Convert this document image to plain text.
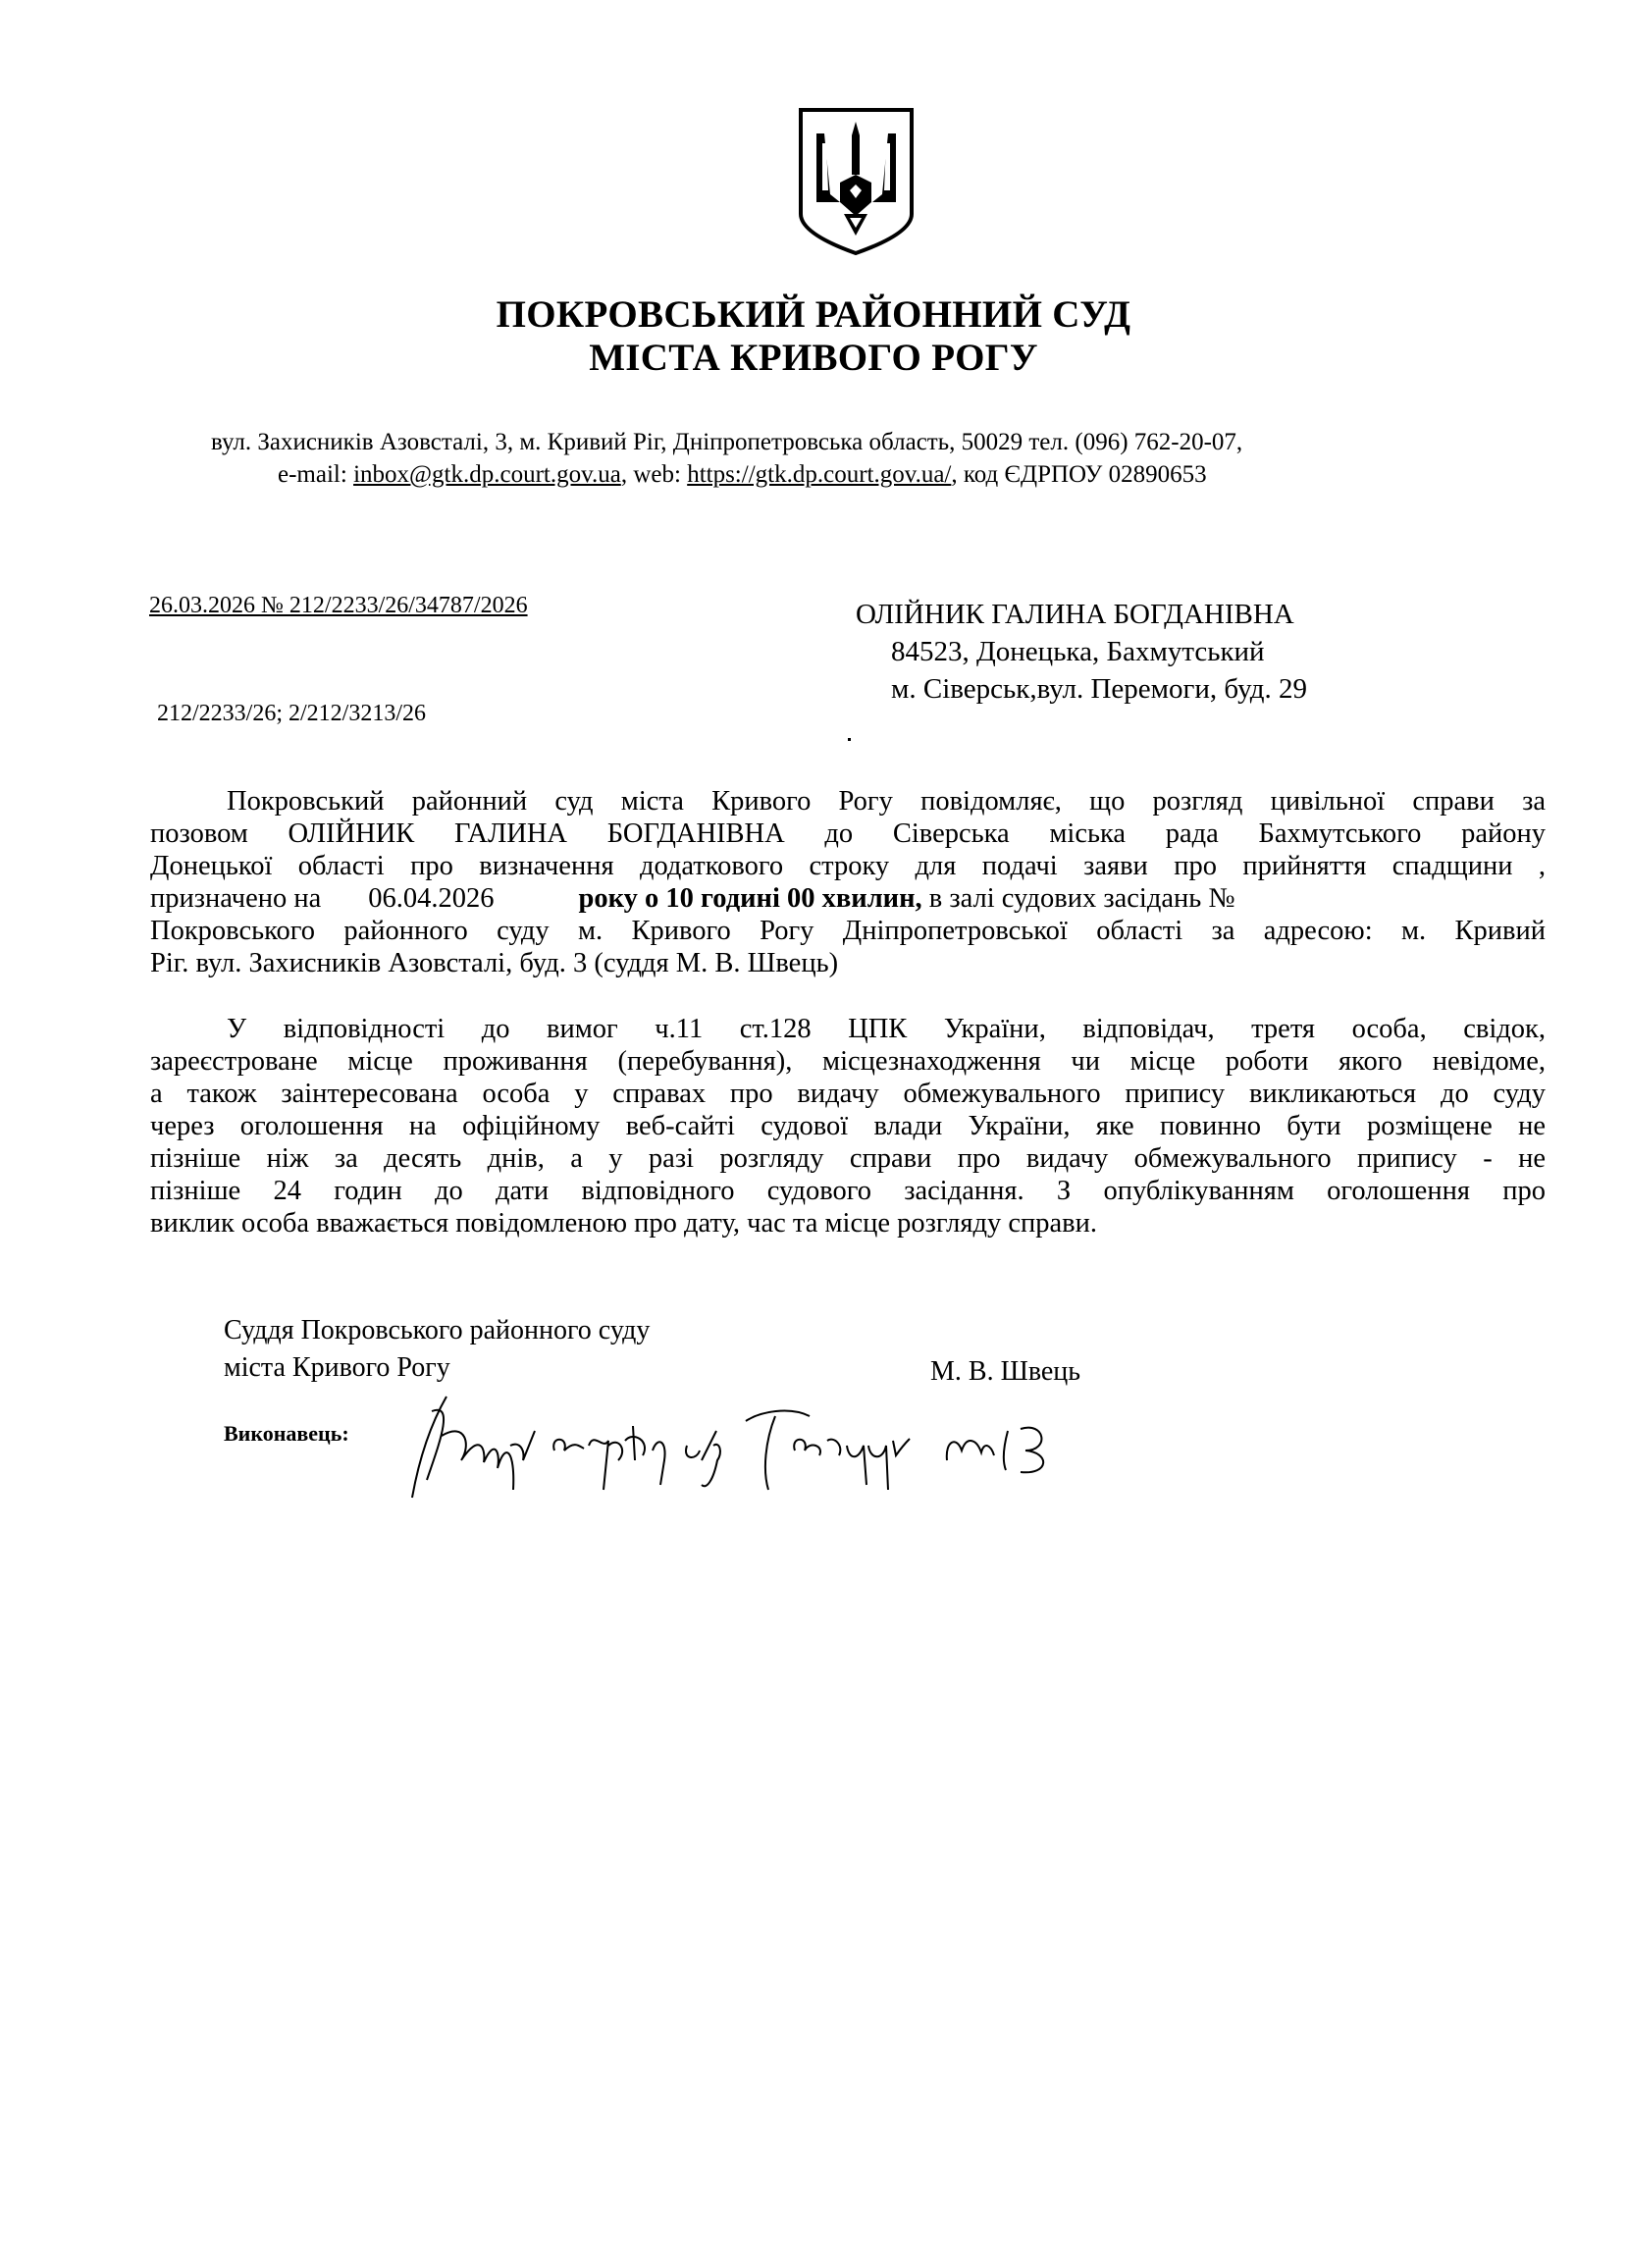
ПОКРОВСЬКИЙ РАЙОННИЙ СУД
МІСТА КРИВОГО РОГУ
вул. Захисників Азовсталі, 3, м. Кривий Ріг, Дніпропетровська область, 50029 тел. (096) 762-20-07,
e-mail: inbox@gtk.dp.court.gov.ua, web: https://gtk.dp.court.gov.ua/, код ЄДРПОУ 02890653
26.03.2026 № 212/2233/26/34787/2026
212/2233/26; 2/212/3213/26
ОЛІЙНИК ГАЛИНА БОГДАНІВНА
84523, Донецька, Бахмутський
м. Сіверськ,вул. Перемоги, буд. 29
Покровський районний суд міста Кривого Рогу повідомляє, що розгляд цивільної справи за
позовом ОЛІЙНИК ГАЛИНА БОГДАНІВНА до Сіверська міська рада Бахмутського району
Донецької області про визначення додаткового строку для подачі заяви про прийняття спадщини ,
призначено на 06.04.2026	року о 10 годині 00 хвилин, в залі судових засідань №
Покровського районного суду м. Кривого Рогу Дніпропетровської області за адресою: м. Кривий
Ріг. вул. Захисників Азовсталі, буд. 3 (суддя М. В. Швець)
У відповідності до вимог ч.11 ст.128 ЦПК України, відповідач, третя особа, свідок,
зареєстроване місце проживання (перебування), місцезнаходження чи місце роботи якого невідоме,
а також заінтересована особа у справах про видачу обмежувального припису викликаються до суду
через оголошення на офіційному веб-сайті судової влади України, яке повинно бути розміщене не
пізніше ніж за десять днів, а у разі розгляду справи про видачу обмежувального припису - не
пізніше 24 годин до дати відповідного судового засідання. З опублікуванням оголошення про
виклик особа вважається повідомленою про дату, час та місце розгляду справи.
Суддя Покровського районного суду
міста Кривого Рогу	М. В. Швець
Виконавець:
